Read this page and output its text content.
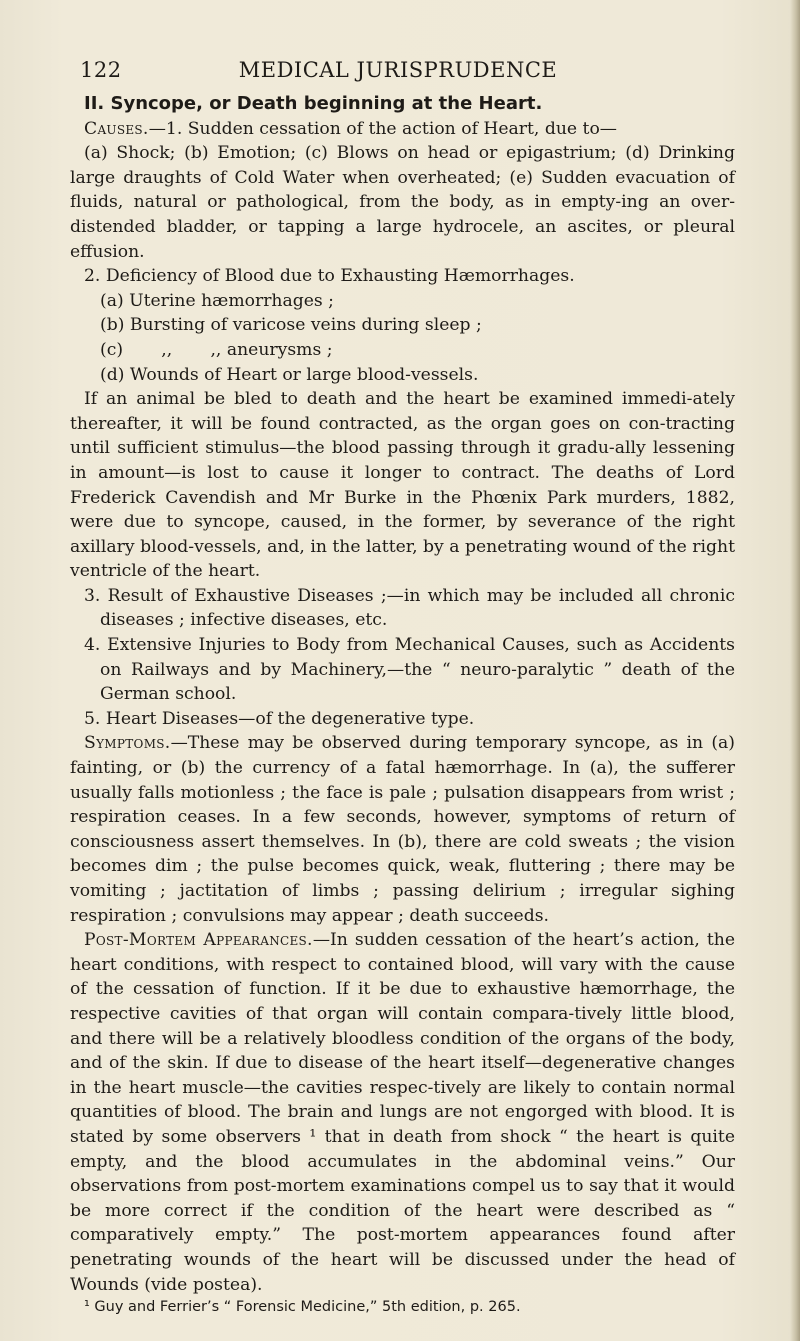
122	MEDICAL JURISPRUDENCE

II. Syncope, or Death beginning at the Heart.

Causes.—1. Sudden cessation of the action of Heart, due to—

(a) Shock; (b) Emotion; (c) Blows on head or epigastrium; (d) Drinking large draughts of Cold Water when overheated; (e) Sudden evacuation of fluids, natural or pathological, from the body, as in empty-ing an over-distended bladder, or tapping a large hydrocele, an ascites, or pleural effusion.

2. Deficiency of Blood due to Exhausting Hæmorrhages.

(a) Uterine hæmorrhages ;

(b) Bursting of varicose veins during sleep ;

(c)       ,,       ,, aneurysms ;

(d) Wounds of Heart or large blood-vessels.

If an animal be bled to death and the heart be examined immedi-ately thereafter, it will be found contracted, as the organ goes on con-tracting until sufficient stimulus—the blood passing through it gradu-ally lessening in amount—is lost to cause it longer to contract. The deaths of Lord Frederick Cavendish and Mr Burke in the Phœnix Park murders, 1882, were due to syncope, caused, in the former, by severance of the right axillary blood-vessels, and, in the latter, by a penetrating wound of the right ventricle of the heart.

3. Result of Exhaustive Diseases ;—in which may be included all chronic diseases ; infective diseases, etc.

4. Extensive Injuries to Body from Mechanical Causes, such as Accidents on Railways and by Machinery,—the “ neuro-paralytic ” death of the German school.

5. Heart Diseases—of the degenerative type.

Symptoms.—These may be observed during temporary syncope, as in (a) fainting, or (b) the currency of a fatal hæmorrhage. In (a), the sufferer usually falls motionless ; the face is pale ; pulsation disappears from wrist ; respiration ceases. In a few seconds, however, symptoms of return of consciousness assert themselves. In (b), there are cold sweats ; the vision becomes dim ; the pulse becomes quick, weak, fluttering ; there may be vomiting ; jactitation of limbs ; passing delirium ; irregular sighing respiration ; convulsions may appear ; death succeeds.

Post-Mortem Appearances.—In sudden cessation of the heart’s action, the heart conditions, with respect to contained blood, will vary with the cause of the cessation of function. If it be due to exhaustive hæmorrhage, the respective cavities of that organ will contain compara-tively little blood, and there will be a relatively bloodless condition of the organs of the body, and of the skin. If due to disease of the heart itself—degenerative changes in the heart muscle—the cavities respec-tively are likely to contain normal quantities of blood. The brain and lungs are not engorged with blood. It is stated by some observers ¹ that in death from shock “ the heart is quite empty, and the blood accumulates in the abdominal veins.” Our observations from post-mortem examinations compel us to say that it would be more correct if the condition of the heart were described as “ comparatively empty.” The post-mortem appearances found after penetrating wounds of the heart will be discussed under the head of Wounds (vide postea).

¹ Guy and Ferrier’s “ Forensic Medicine,” 5th edition, p. 265.
